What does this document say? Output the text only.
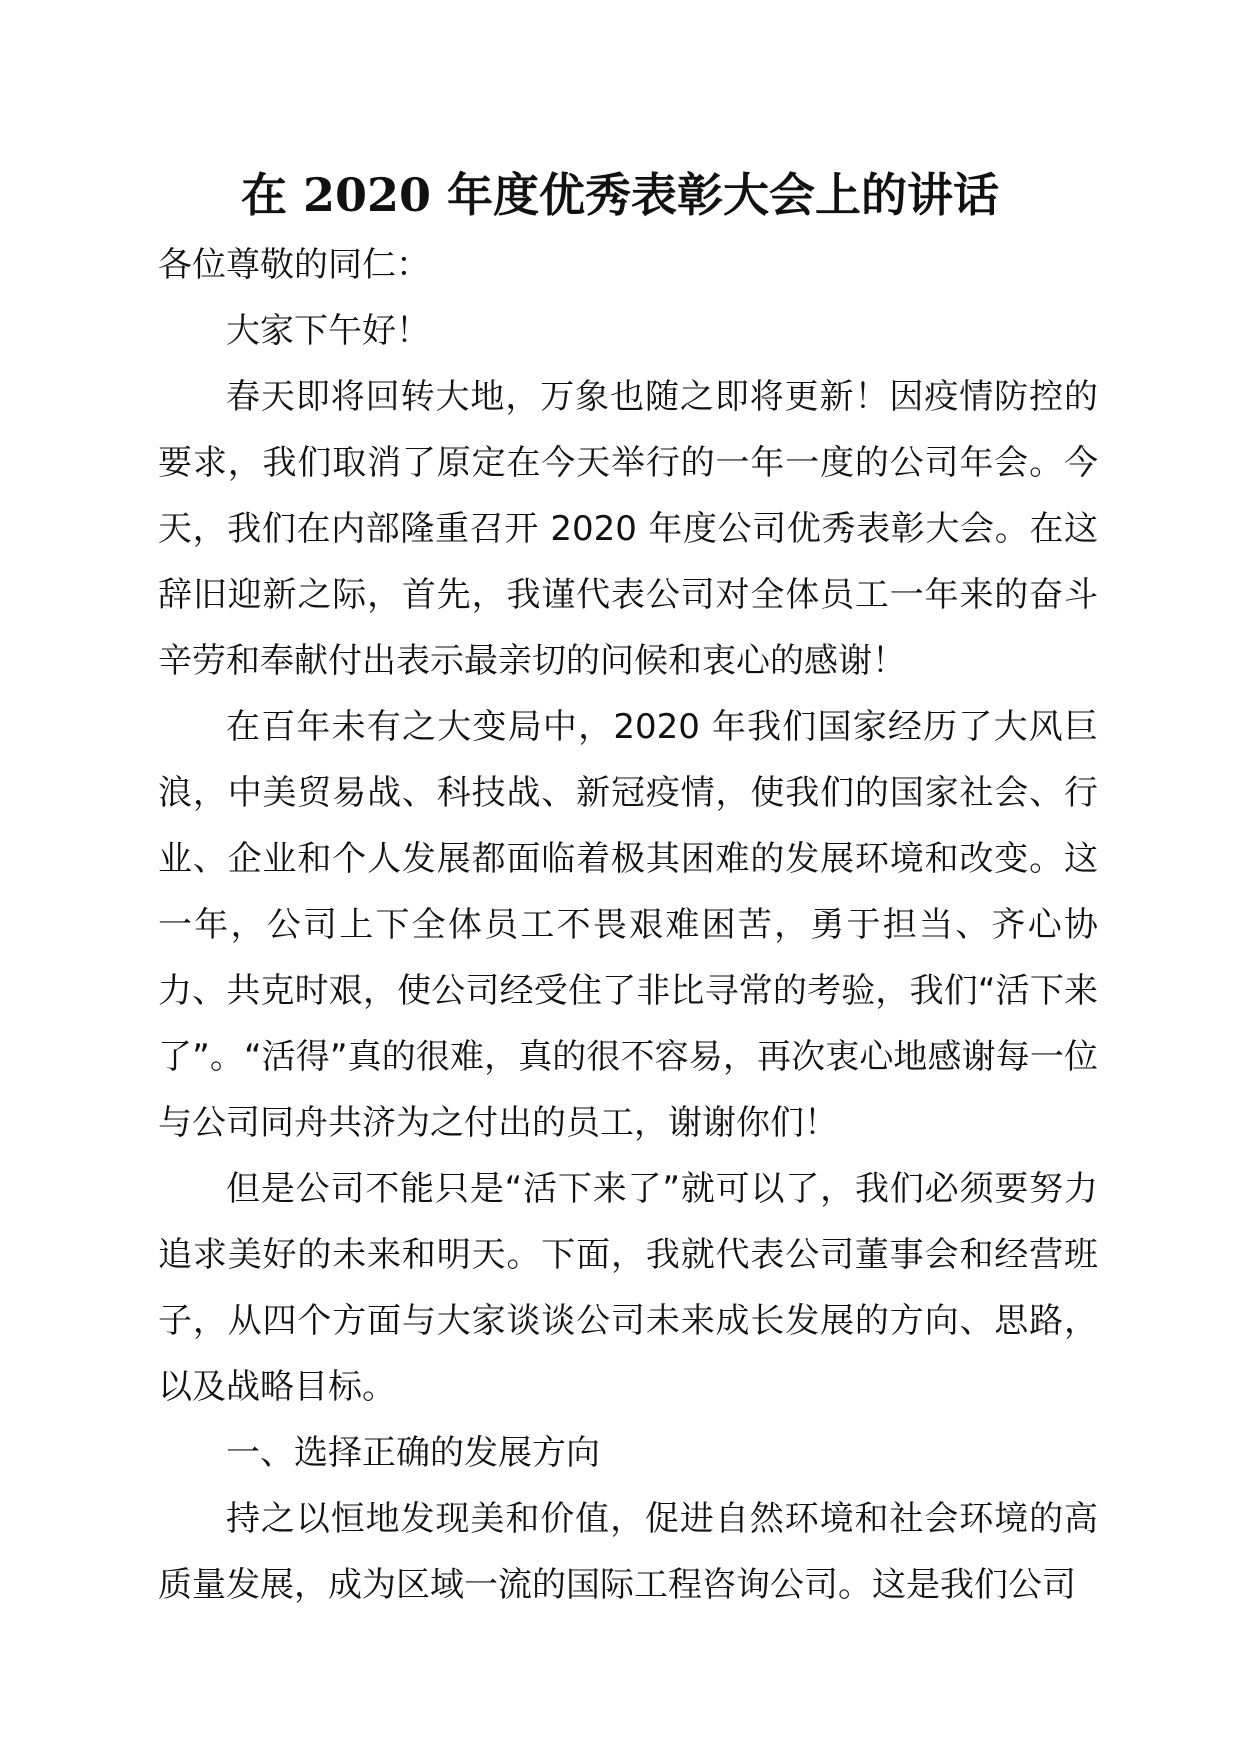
在 2020 年度优秀表彰大会上的讲话

各位尊敬的同仁：

大家下午好！

春天即将回转大地，万象也随之即将更新！因疫情防控的要求，我们取消了原定在今天举行的一年一度的公司年会。今天，我们在内部隆重召开 2020 年度公司优秀表彰大会。在这辞旧迎新之际，首先，我谨代表公司对全体员工一年来的奋斗辛劳和奉献付出表示最亲切的问候和衷心的感谢！

在百年未有之大变局中，2020 年我们国家经历了大风巨浪，中美贸易战、科技战、新冠疫情，使我们的国家社会、行业、企业和个人发展都面临着极其困难的发展环境和改变。这一年，公司上下全体员工不畏艰难困苦，勇于担当、齐心协力、共克时艰，使公司经受住了非比寻常的考验，我们“活下来了”。“活得”真的很难，真的很不容易，再次衷心地感谢每一位与公司同舟共济为之付出的员工，谢谢你们！

但是公司不能只是“活下来了”就可以了，我们必须要努力追求美好的未来和明天。下面，我就代表公司董事会和经营班子，从四个方面与大家谈谈公司未来成长发展的方向、思路，以及战略目标。

一、选择正确的发展方向

持之以恒地发现美和价值，促进自然环境和社会环境的高质量发展，成为区域一流的国际工程咨询公司。这是我们公司
